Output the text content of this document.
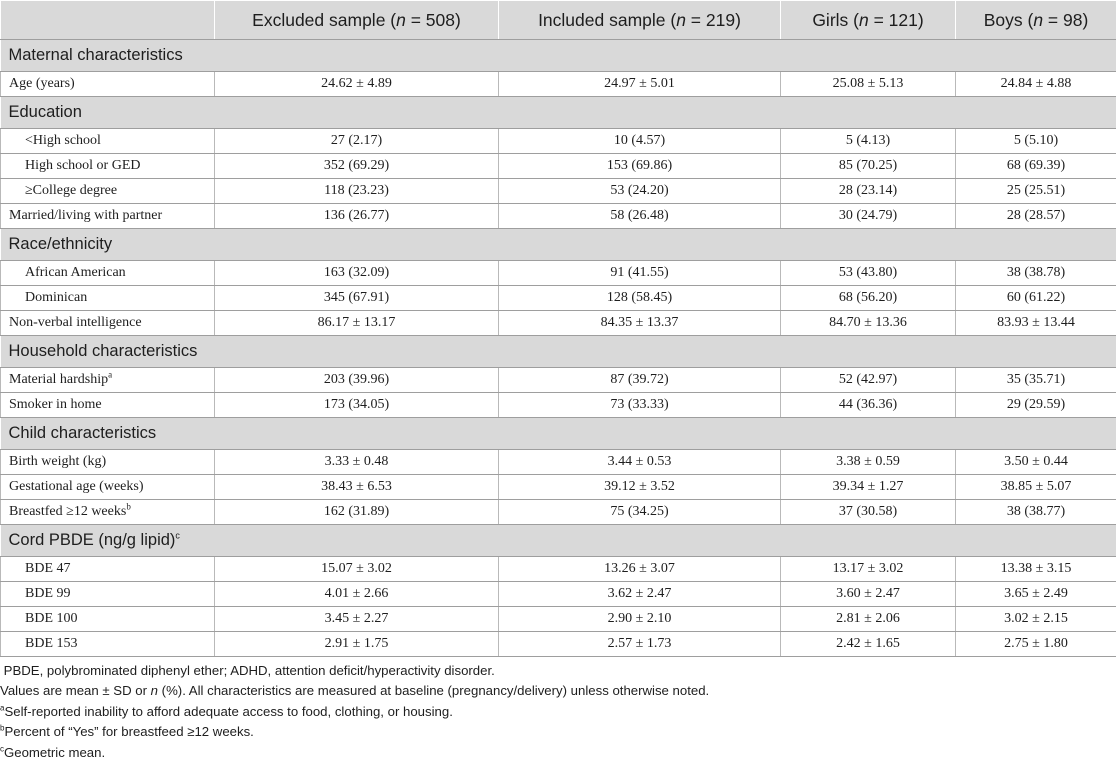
	Excluded sample (n = 508)	Included sample (n = 219)	Girls (n = 121)	Boys (n = 98)
Maternal characteristics				
Age (years)	24.62 ± 4.89	24.97 ± 5.01	25.08 ± 5.13	24.84 ± 4.88
Education				
<High school	27 (2.17)	10 (4.57)	5 (4.13)	5 (5.10)
High school or GED	352 (69.29)	153 (69.86)	85 (70.25)	68 (69.39)
≥College degree	118 (23.23)	53 (24.20)	28 (23.14)	25 (25.51)
Married/living with partner	136 (26.77)	58 (26.48)	30 (24.79)	28 (28.57)
Race/ethnicity				
African American	163 (32.09)	91 (41.55)	53 (43.80)	38 (38.78)
Dominican	345 (67.91)	128 (58.45)	68 (56.20)	60 (61.22)
Non-verbal intelligence	86.17 ± 13.17	84.35 ± 13.37	84.70 ± 13.36	83.93 ± 13.44
Household characteristics				
Material hardship$^a$	203 (39.96)	87 (39.72)	52 (42.97)	35 (35.71)
Smoker in home	173 (34.05)	73 (33.33)	44 (36.36)	29 (29.59)
Child characteristics				
Birth weight (kg)	3.33 ± 0.48	3.44 ± 0.53	3.38 ± 0.59	3.50 ± 0.44
Gestational age (weeks)	38.43 ± 6.53	39.12 ± 3.52	39.34 ± 1.27	38.85 ± 5.07
Breastfed ≥12 weeks$^b$	162 (31.89)	75 (34.25)	37 (30.58)	38 (38.77)
Cord PBDE (ng/g lipid)$^c$
BDE 47	15.07 ± 3.02	13.26 ± 3.07	13.17 ± 3.02	13.38 ± 3.15
BDE 99	4.01 ± 2.66	3.62 ± 2.47	3.60 ± 2.47	3.65 ± 2.49
BDE 100	3.45 ± 2.27	2.90 ± 2.10	2.81 ± 2.06	3.02 ± 2.15
BDE 153	2.91 ± 1.75	2.57 ± 1.73	2.42 ± 1.65	2.75 ± 1.80
PBDE, polybrominated diphenyl ether; ADHD, attention deficit/hyperactivity disorder.
Values are mean ± SD or n (%). All characteristics are measured at baseline (pregnancy/delivery) unless otherwise noted.
$^a$Self-reported inability to afford adequate access to food, clothing, or housing.
$^b$Percent of “Yes” for breastfeed ≥12 weeks.
$^c$Geometric mean.
